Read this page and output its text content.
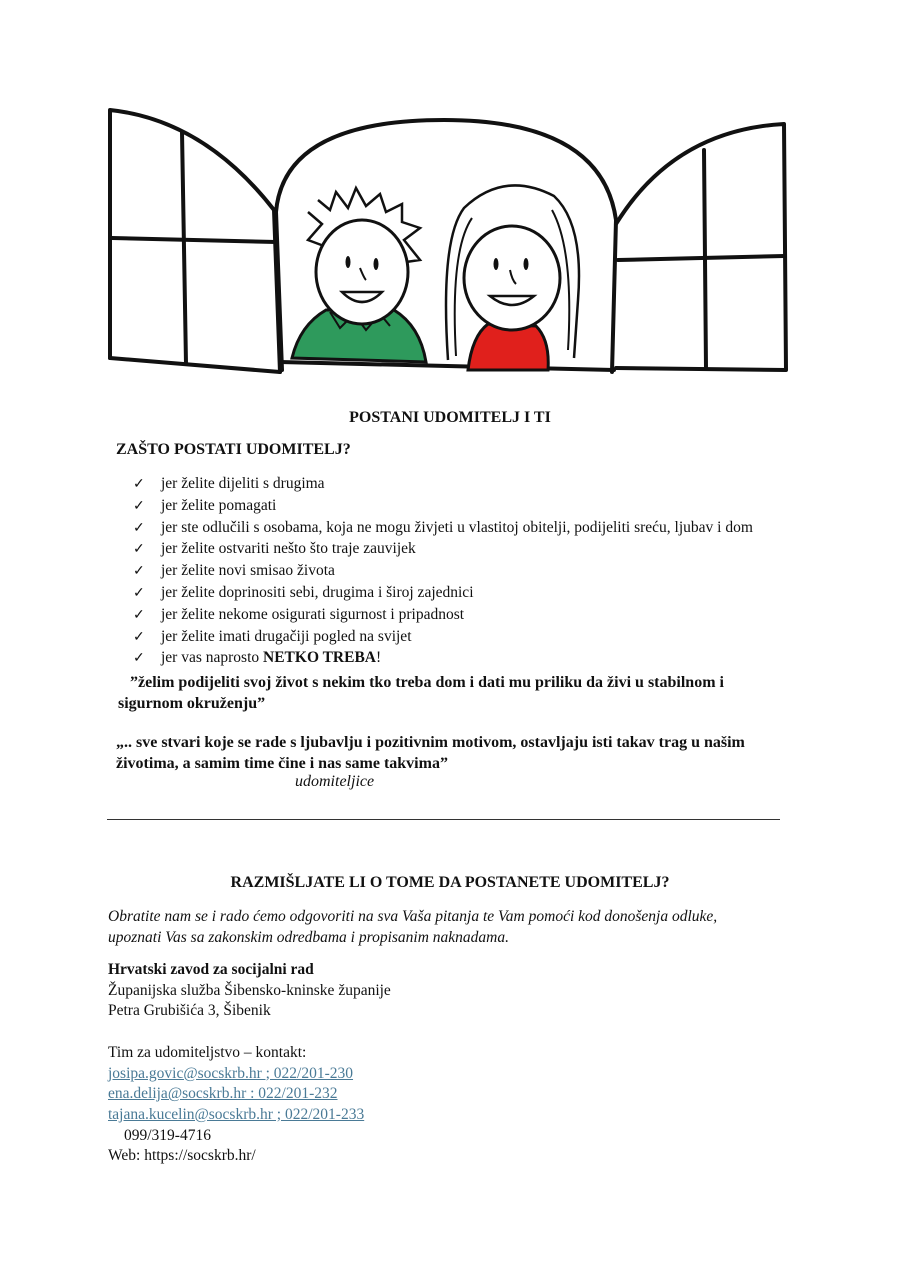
POSTANI UDOMITELJ I TI
ZAŠTO POSTATI UDOMITELJ?
✓ jer želite dijeliti s drugima
✓ jer želite pomagati
✓ jer ste odlučili s osobama, koja ne mogu živjeti u vlastitoj obitelji, podijeliti sreću, ljubav i dom
✓ jer želite ostvariti nešto što traje zauvijek
✓ jer želite novi smisao života
✓ jer želite doprinositi sebi, drugima i široj zajednici
✓ jer želite nekome osigurati sigurnost i pripadnost
✓ jer želite imati drugačiji pogled na svijet
✓ jer vas naprosto NETKO TREBA!
”želim podijeliti svoj život s nekim tko treba dom i dati mu priliku da živi u stabilnom i
sigurnom okruženju”
„.. sve stvari koje se rade s ljubavlju i pozitivnim motivom, ostavljaju isti takav trag u našim
životima, a samim time čine i nas same takvima”
udomiteljice
RAZMIŠLJATE LI O TOME DA POSTANETE UDOMITELJ?
Obratite nam se i rado ćemo odgovoriti na sva Vaša pitanja te Vam pomoći kod donošenja odluke,
upoznati Vas sa zakonskim odredbama i propisanim naknadama.
Hrvatski zavod za socijalni rad
Županijska služba Šibensko-kninske županije
Petra Grubišića 3, Šibenik
Tim za udomiteljstvo – kontakt:
josipa.govic@socskrb.hr ; 022/201-230
ena.delija@socskrb.hr : 022/201-232
tajana.kucelin@socskrb.hr ; 022/201-233
099/319-4716
Web: https://socskrb.hr/
